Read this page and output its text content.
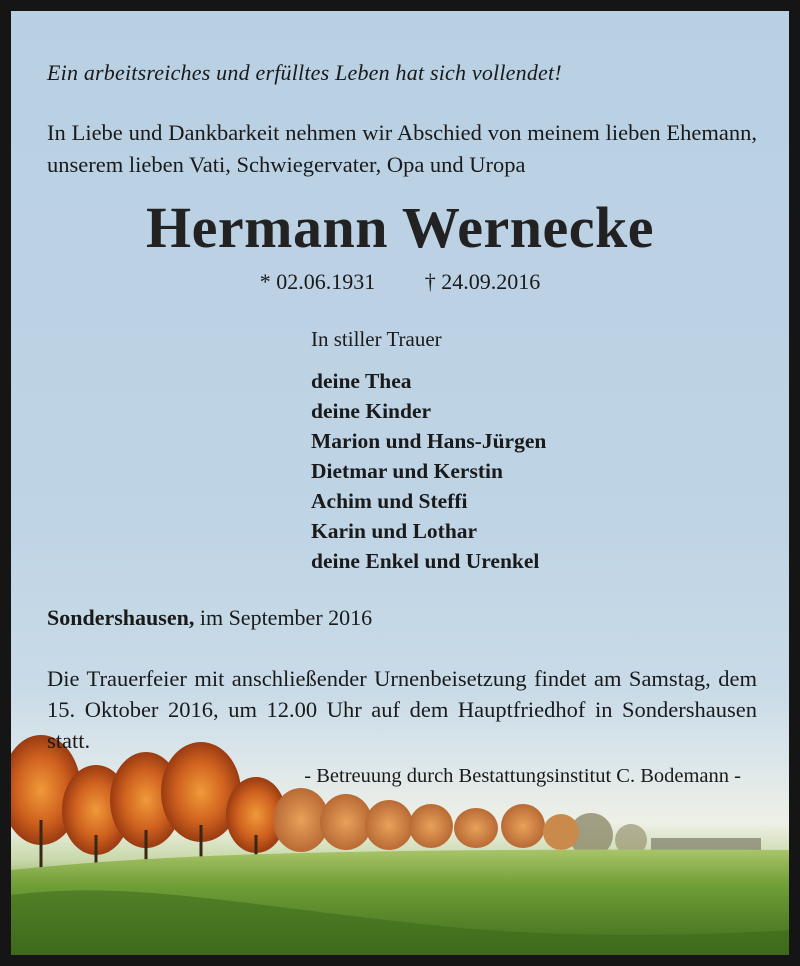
Ein arbeitsreiches und erfülltes Leben hat sich vollendet!
In Liebe und Dankbarkeit nehmen wir Abschied von meinem lieben Ehemann, unserem lieben Vati, Schwiegervater, Opa und Uropa
Hermann Wernecke
* 02.06.1931 † 24.09.2016
In stiller Trauer
deine Thea
deine Kinder
Marion und Hans-Jürgen
Dietmar und Kerstin
Achim und Steffi
Karin und Lothar
deine Enkel und Urenkel
Sondershausen, im September 2016
Die Trauerfeier mit anschließender Urnenbeisetzung findet am Samstag, dem 15. Oktober 2016, um 12.00 Uhr auf dem Hauptfriedhof in Sondershausen statt.
- Betreuung durch Bestattungsinstitut C. Bodemann -
